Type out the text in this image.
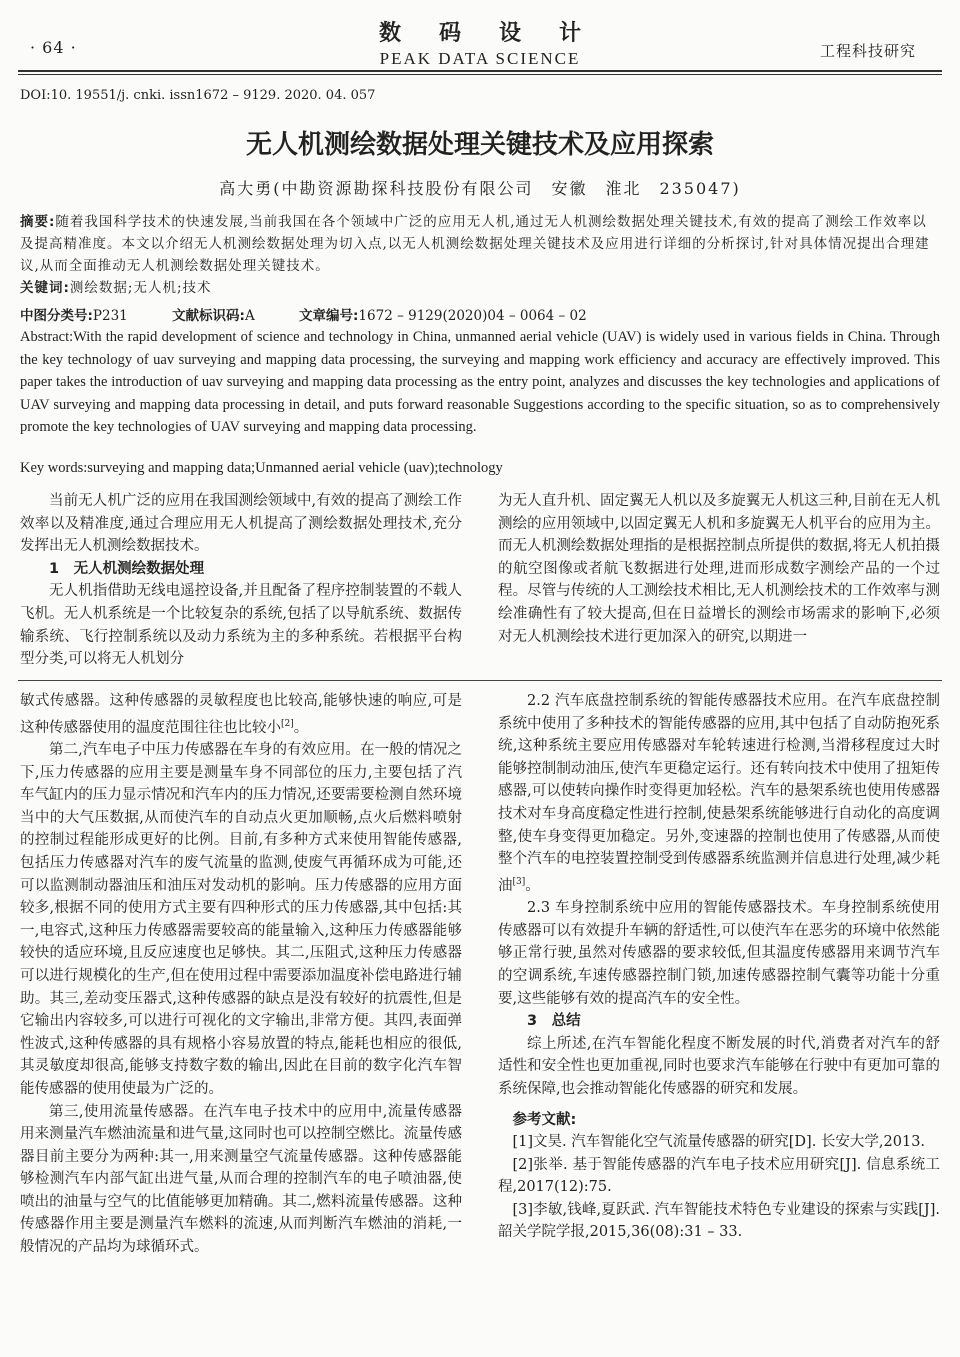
· 64 ·
数码设计
PEAK DATA SCIENCE	工程科技研究
DOI:10. 19551/j. cnki. issn1672 – 9129. 2020. 04. 057
无人机测绘数据处理关键技术及应用探索
高大勇(中勘资源勘探科技股份有限公司　安徽　淮北　235047)
摘要:随着我国科学技术的快速发展,当前我国在各个领域中广泛的应用无人机,通过无人机测绘数据处理关键技术,有效的提高了测绘工作效率以及提高精准度。本文以介绍无人机测绘数据处理为切入点,以无人机测绘数据处理关键技术及应用进行详细的分析探讨,针对具体情况提出合理建议,从而全面推动无人机测绘数据处理关键技术。
关键词:测绘数据;无人机;技术
中图分类号:P231	文献标识码:A	文章编号:1672 – 9129(2020)04 – 0064 – 02
Abstract:With the rapid development of science and technology in China, unmanned aerial vehicle (UAV) is widely used in various fields in China. Through the key technology of uav surveying and mapping data processing, the surveying and mapping work efficiency and accuracy are effectively improved. This paper takes the introduction of uav surveying and mapping data processing as the entry point, analyzes and discusses the key technologies and applications of UAV surveying and mapping data processing in detail, and puts forward reasonable Suggestions according to the specific situation, so as to comprehensively promote the key technologies of UAV surveying and mapping data processing.
Key words:surveying and mapping data;Unmanned aerial vehicle (uav);technology

当前无人机广泛的应用在我国测绘领域中,有效的提高了测绘工作效率以及精准度,通过合理应用无人机提高了测绘数据处理技术,充分发挥出无人机测绘数据技术。

1　无人机测绘数据处理

无人机指借助无线电遥控设备,并且配备了程序控制装置的不载人飞机。无人机系统是一个比较复杂的系统,包括了以导航系统、数据传输系统、飞行控制系统以及动力系统为主的多种系统。若根据平台构型分类,可以将无人机划分

为无人直升机、固定翼无人机以及多旋翼无人机这三种,目前在无人机测绘的应用领域中,以固定翼无人机和多旋翼无人机平台的应用为主。而无人机测绘数据处理指的是根据控制点所提供的数据,将无人机拍摄的航空图像或者航飞数据进行处理,进而形成数字测绘产品的一个过程。尽管与传统的人工测绘技术相比,无人机测绘技术的工作效率与测绘准确性有了较大提高,但在日益增长的测绘市场需求的影响下,必须对无人机测绘技术进行更加深入的研究,以期进一

敏式传感器。这种传感器的灵敏程度也比较高,能够快速的响应,可是这种传感器使用的温度范围往往也比较小[2]。

第二,汽车电子中压力传感器在车身的有效应用。在一般的情况之下,压力传感器的应用主要是测量车身不同部位的压力,主要包括了汽车气缸内的压力显示情况和汽车内的压力情况,还要需要检测自然环境当中的大气压数据,从而使汽车的自动点火更加顺畅,点火后燃料喷射的控制过程能形成更好的比例。目前,有多种方式来使用智能传感器,包括压力传感器对汽车的废气流量的监测,使废气再循环成为可能,还可以监测制动器油压和油压对发动机的影响。压力传感器的应用方面较多,根据不同的使用方式主要有四种形式的压力传感器,其中包括:其一,电容式,这种压力传感器需要较高的能量输入,这种压力传感器能够较快的适应环境,且反应速度也足够快。其二,压阻式,这种压力传感器可以进行规模化的生产,但在使用过程中需要添加温度补偿电路进行辅助。其三,差动变压器式,这种传感器的缺点是没有较好的抗震性,但是它输出内容较多,可以进行可视化的文字输出,非常方便。其四,表面弹性波式,这种传感器的具有规格小容易放置的特点,能耗也相应的很低,其灵敏度却很高,能够支持数字数的输出,因此在目前的数字化汽车智能传感器的使用使最为广泛的。

第三,使用流量传感器。在汽车电子技术中的应用中,流量传感器用来测量汽车燃油流量和进气量,这同时也可以控制空燃比。流量传感器目前主要分为两种:其一,用来测量空气流量传感器。这种传感器能够检测汽车内部气缸出进气量,从而合理的控制汽车的电子喷油器,使喷出的油量与空气的比值能够更加精确。其二,燃料流量传感器。这种传感器作用主要是测量汽车燃料的流速,从而判断汽车燃油的消耗,一般情况的产品均为球循环式。

2.2 汽车底盘控制系统的智能传感器技术应用。在汽车底盘控制系统中使用了多种技术的智能传感器的应用,其中包括了自动防抱死系统,这种系统主要应用传感器对车轮转速进行检测,当滑移程度过大时能够控制制动油压,使汽车更稳定运行。还有转向技术中使用了扭矩传感器,可以使转向操作时变得更加轻松。汽车的悬架系统也使用传感器技术对车身高度稳定性进行控制,使悬架系统能够进行自动化的高度调整,使车身变得更加稳定。另外,变速器的控制也使用了传感器,从而使整个汽车的电控装置控制受到传感器系统监测并信息进行处理,减少耗油[3]。

2.3 车身控制系统中应用的智能传感器技术。车身控制系统使用传感器可以有效提升车辆的舒适性,可以使汽车在恶劣的环境中依然能够正常行驶,虽然对传感器的要求较低,但其温度传感器用来调节汽车的空调系统,车速传感器控制门锁,加速传感器控制气囊等功能十分重要,这些能够有效的提高汽车的安全性。

3　总结

综上所述,在汽车智能化程度不断发展的时代,消费者对汽车的舒适性和安全性也更加重视,同时也要求汽车能够在行驶中有更加可靠的系统保障,也会推动智能化传感器的研究和发展。

参考文献:

[1]文昊. 汽车智能化空气流量传感器的研究[D]. 长安大学,2013.

[2]张举. 基于智能传感器的汽车电子技术应用研究[J]. 信息系统工程,2017(12):75.

[3]李敏,钱峰,夏跃武. 汽车智能技术特色专业建设的探索与实践[J]. 韶关学院学报,2015,36(08):31 – 33.
